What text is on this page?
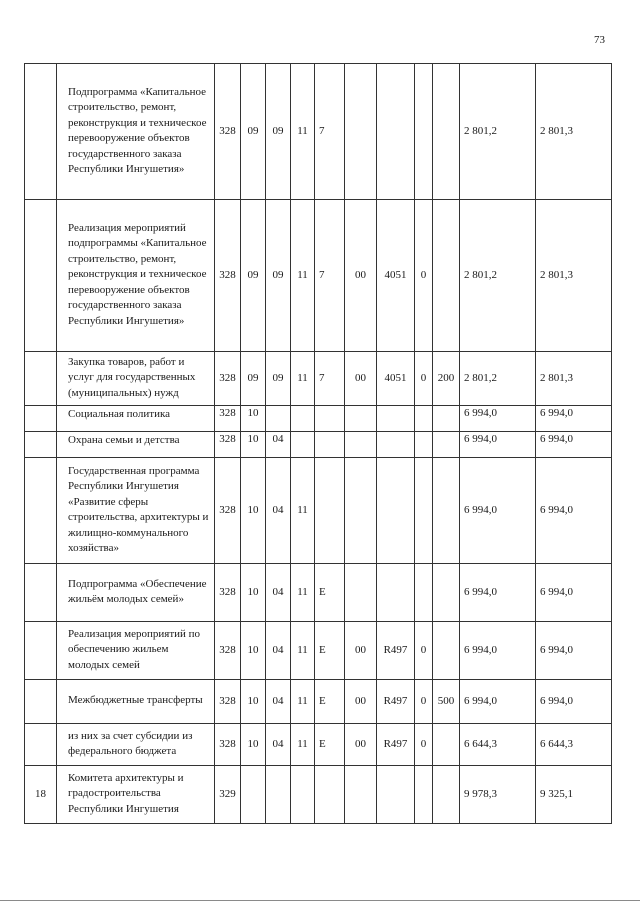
73
	Подпрограмма «Капитальное строительство, ремонт, реконструкция и техническое перевооружение объектов государственного заказа Республики Ингушетия»	328	09	09	11	7					2 801,2	2 801,3
	Реализация мероприятий подпрограммы «Капитальное строительство, ремонт, реконструкция и техническое перевооружение объектов государственного заказа Республики Ингушетия»	328	09	09	11	7	00	4051	0		2 801,2	2 801,3
	Закупка товаров, работ и услуг для государственных (муниципальных) нужд	328	09	09	11	7	00	4051	0	200	2 801,2	2 801,3
	Социальная политика	328	10								6 994,0	6 994,0
	Охрана семьи и детства	328	10	04							6 994,0	6 994,0
	Государственная программа Республики Ингушетия «Развитие сферы строительства, архитектуры и жилищно-коммунального хозяйства»	328	10	04	11						6 994,0	6 994,0
	Подпрограмма «Обеспечение жильём молодых семей»	328	10	04	11	Е					6 994,0	6 994,0
	Реализация мероприятий по обеспечению жильем молодых семей	328	10	04	11	Е	00	R497	0		6 994,0	6 994,0
	Межбюджетные трансферты	328	10	04	11	Е	00	R497	0	500	6 994,0	6 994,0
	из них за счет субсидии из федерального бюджета	328	10	04	11	Е	00	R497	0		6 644,3	6 644,3
18	Комитета архитектуры и градостроительства Республики Ингушетия	329									9 978,3	9 325,1
